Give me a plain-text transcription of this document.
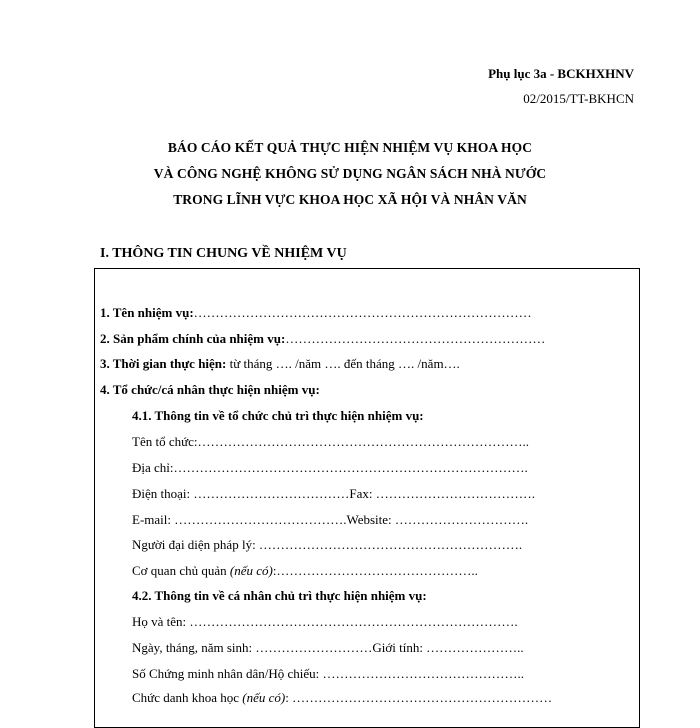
Phụ lục 3a - BCKHXHNV
02/2015/TT-BKHCN
BÁO CÁO KẾT QUẢ THỰC HIỆN NHIỆM VỤ KHOA HỌC
VÀ CÔNG NGHỆ KHÔNG SỬ DỤNG NGÂN SÁCH NHÀ NƯỚC
TRONG LĨNH VỰC KHOA HỌC XÃ HỘI VÀ NHÂN VĂN
I. THÔNG TIN CHUNG VỀ NHIỆM VỤ
1. Tên nhiệm vụ:……………………………………………………………………
2. Sản phẩm chính của nhiệm vụ:……………………………………………………
3. Thời gian thực hiện: từ tháng …. /năm …. đến tháng …. /năm….
4. Tổ chức/cá nhân thực hiện nhiệm vụ:
4.1. Thông tin về tổ chức chủ trì thực hiện nhiệm vụ:
Tên tổ chức:…………………………………………………………………..
Địa chỉ:……………………………………………………………………….
Điện thoại: ………………………………Fax: ……………………………….
E-mail: ………………………………….Website: ………………………….
Người đại diện pháp lý: …………………………………………………….
Cơ quan chủ quản (nếu có):………………………………………..
4.2. Thông tin về cá nhân chủ trì thực hiện nhiệm vụ:
Họ và tên: ………………………………………………………………….
Ngày, tháng, năm sinh: ………………………Giới tính: …………………..
Số Chứng minh nhân dân/Hộ chiếu: ………………………………………..
Chức danh khoa học (nếu có): ……………………………………………………
